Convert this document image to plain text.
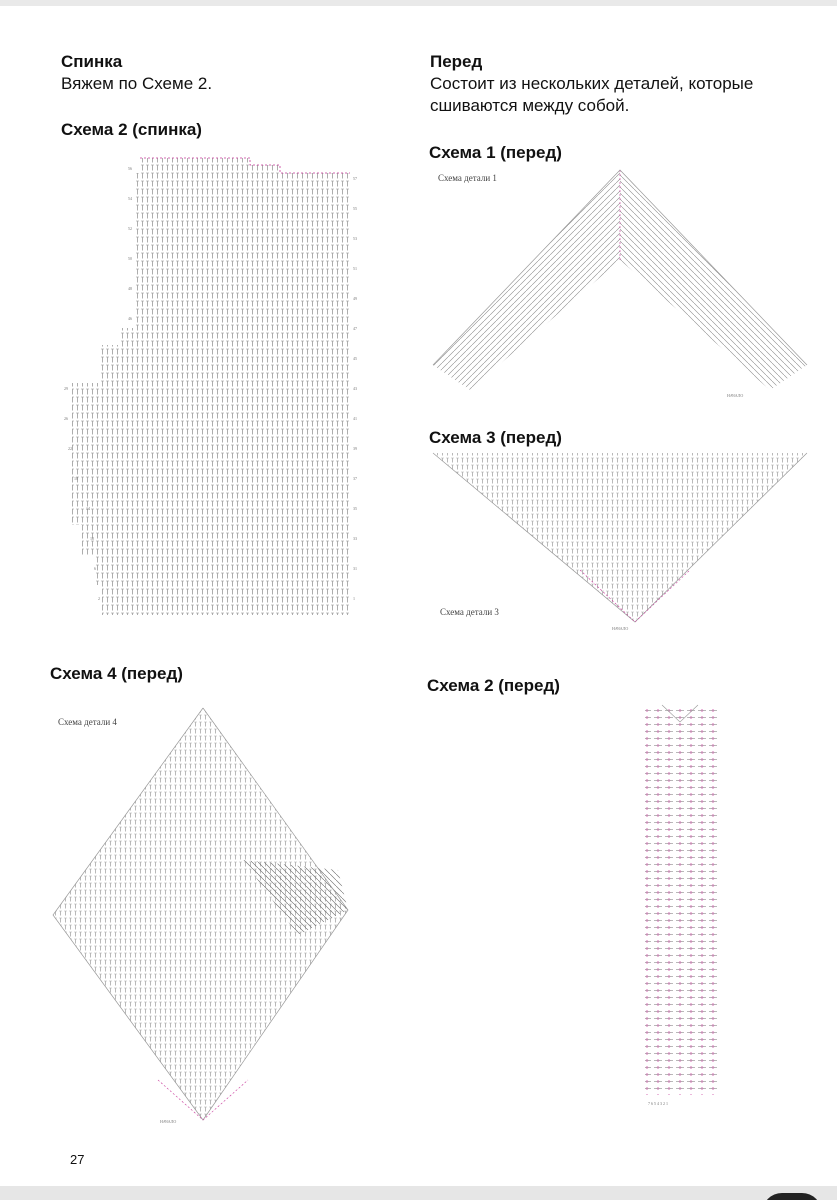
Спинка
Вяжем по Схеме 2.
Схема 2 (спинка)
56
54
52
50
48
46
57
55
53
51
49
47
45
43
41
39
37
35
33
31
1
29
26
22
18
14
10
6
2
Перед
Состоит из нескольких деталей, которые
сшиваются между собой.
Схема 1 (перед)
Схема детали 1
НАЧАЛО
Схема 3 (перед)
Схема детали 3
НАЧАЛО
Схема 4 (перед)
Схема детали 4
НАЧАЛО
Схема 2 (перед)
7 6 5 4 3 2 1
27
